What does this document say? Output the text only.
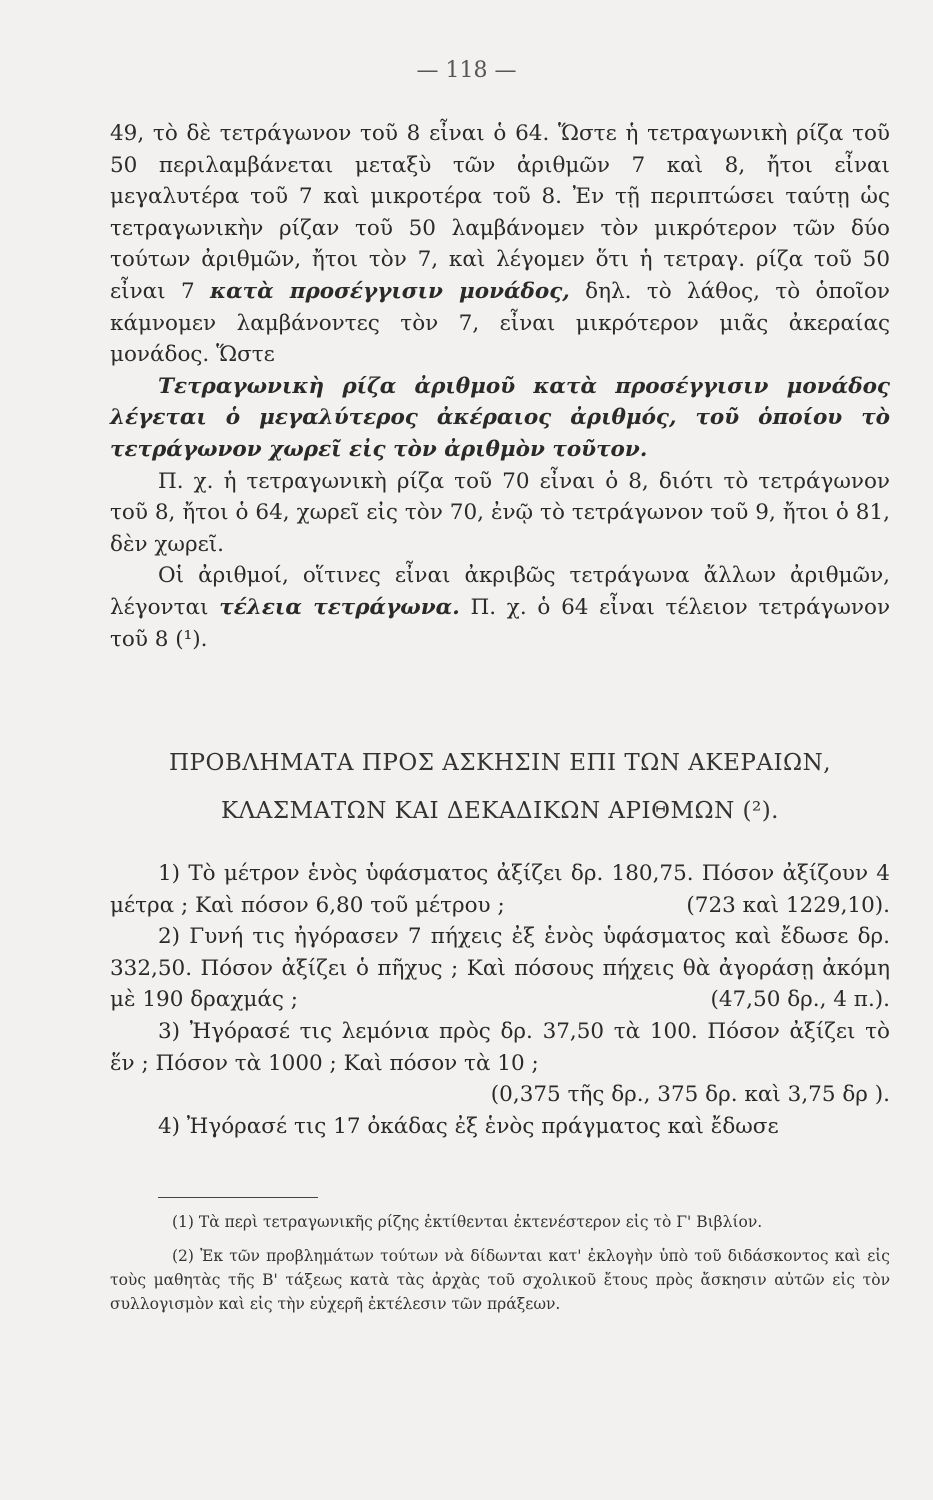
— 118 —

49, τὸ δὲ τετράγωνον τοῦ 8 εἶναι ὁ 64. Ὥστε ἡ τετραγωνικὴ ρίζα τοῦ 50 περιλαμβάνεται μεταξὺ τῶν ἀριθμῶν 7 καὶ 8, ἤτοι εἶναι μεγαλυτέρα τοῦ 7 καὶ μικροτέρα τοῦ 8. Ἐν τῇ περιπτώσει ταύτῃ ὡς τετραγωνικὴν ρίζαν τοῦ 50 λαμβάνομεν τὸν μικρότερον τῶν δύο τούτων ἀριθμῶν, ἤτοι τὸν 7, καὶ λέγομεν ὅτι ἡ τετραγ. ρίζα τοῦ 50 εἶναι 7 κατὰ προσέγγισιν μονάδος, δηλ. τὸ λάθος, τὸ ὁποῖον κάμνομεν λαμβάνοντες τὸν 7, εἶναι μικρότερον μιᾶς ἀκεραίας μονάδος. Ὥστε

Τετραγωνικὴ ρίζα ἀριθμοῦ κατὰ προσέγγισιν μονάδος λέγεται ὁ μεγαλύτερος ἀκέραιος ἀριθμός, τοῦ ὁποίου τὸ τετράγωνον χωρεῖ εἰς τὸν ἀριθμὸν τοῦτον.

Π. χ. ἡ τετραγωνικὴ ρίζα τοῦ 70 εἶναι ὁ 8, διότι τὸ τετράγωνον τοῦ 8, ἤτοι ὁ 64, χωρεῖ εἰς τὸν 70, ἐνῷ τὸ τετράγωνον τοῦ 9, ἤτοι ὁ 81, δὲν χωρεῖ.

Οἱ ἀριθμοί, οἵτινες εἶναι ἀκριβῶς τετράγωνα ἄλλων ἀριθμῶν, λέγονται τέλεια τετράγωνα. Π. χ. ὁ 64 εἶναι τέλειον τετράγωνον τοῦ 8 (¹).

ΠΡΟΒΛΗΜΑΤΑ ΠΡΟΣ ΑΣΚΗΣΙΝ ΕΠΙ ΤΩΝ ΑΚΕΡΑΙΩΝ,
ΚΛΑΣΜΑΤΩΝ ΚΑΙ ΔΕΚΑΔΙΚΩΝ ΑΡΙΘΜΩΝ (²).

1) Τὸ μέτρον ἑνὸς ὑφάσματος ἀξίζει δρ. 180,75. Πόσον ἀξίζουν 4 μέτρα ; Καὶ πόσον 6,80 τοῦ μέτρου ;	(723 καὶ 1229,10).

2) Γυνή τις ἠγόρασεν 7 πήχεις ἐξ ἑνὸς ὑφάσματος καὶ ἔδωσε δρ. 332,50. Πόσον ἀξίζει ὁ πῆχυς ; Καὶ πόσους πήχεις θὰ ἀγοράσῃ ἀκόμη μὲ 190 δραχμάς ;	(47,50 δρ., 4 π.).

3) Ἠγόρασέ τις λεμόνια πρὸς δρ. 37,50 τὰ 100. Πόσον ἀξίζει τὸ ἕν ; Πόσον τὰ 1000 ; Καὶ πόσον τὰ 10 ;

(0,375 τῆς δρ., 375 δρ. καὶ 3,75 δρ ).

4) Ἠγόρασέ τις 17 ὀκάδας ἐξ ἑνὸς πράγματος καὶ ἔδωσε

(1) Τὰ περὶ τετραγωνικῆς ρίζης ἐκτίθενται ἐκτενέστερον εἰς τὸ Γ' Βιβλίον.

(2) Ἐκ τῶν προβλημάτων τούτων νὰ δίδωνται κατ' ἐκλογὴν ὑπὸ τοῦ διδάσκοντος καὶ εἰς τοὺς μαθητὰς τῆς Β' τάξεως κατὰ τὰς ἀρχὰς τοῦ σχολικοῦ ἔτους πρὸς ἄσκησιν αὐτῶν εἰς τὸν συλλογισμὸν καὶ εἰς τὴν εὐχερῆ ἐκτέλεσιν τῶν πράξεων.
